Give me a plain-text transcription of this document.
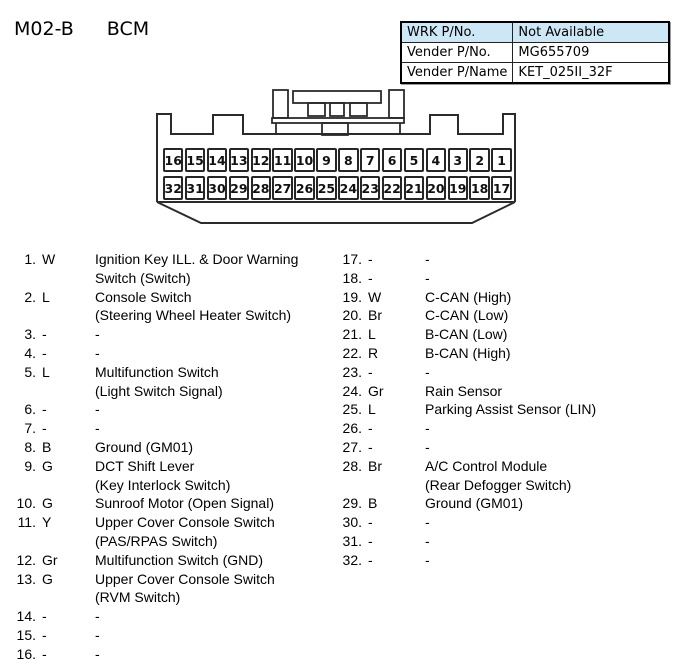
M02-B BCM	WRK P/No.	Not Available
Vender P/No.	MG655709
Vender P/Name	KET_025II_32F
16 15 14 13 12 11 10 9	8	7	6	5	4	3	2	1
32 31 30 29 28 27 26 25 24 23 22 21 20 19 18 17
1. W	Ignition Key ILL. & Door Warning
Switch (Switch)
2. L	Console Switch
(Steering Wheel Heater Switch)
3. -	-
4. -	-
5. L	Multifunction Switch
(Light Switch Signal)
6. -	-
7. -	-
8. B	Ground (GM01)
9. G	DCT Shift Lever
(Key Interlock Switch)
10. G	Sunroof Motor (Open Signal)
11. Y	Upper Cover Console Switch
(PAS/RPAS Switch)
12. Gr	Multifunction Switch (GND)
13. G	Upper Cover Console Switch
(RVM Switch)
14. -	-
15. -	-
16. -	-
17. -	-
18. -	-
19. W	C-CAN (High)
20. Br	C-CAN (Low)
21. L	B-CAN (Low)
22. R	B-CAN (High)
23. -	-
24. Gr	Rain Sensor
25. L	Parking Assist Sensor (LIN)
26. -	-
27. -	-
28. Br	A/C Control Module
(Rear Defogger Switch)
29. B	Ground (GM01)
30. -	-
31. -	-
32. -	-
